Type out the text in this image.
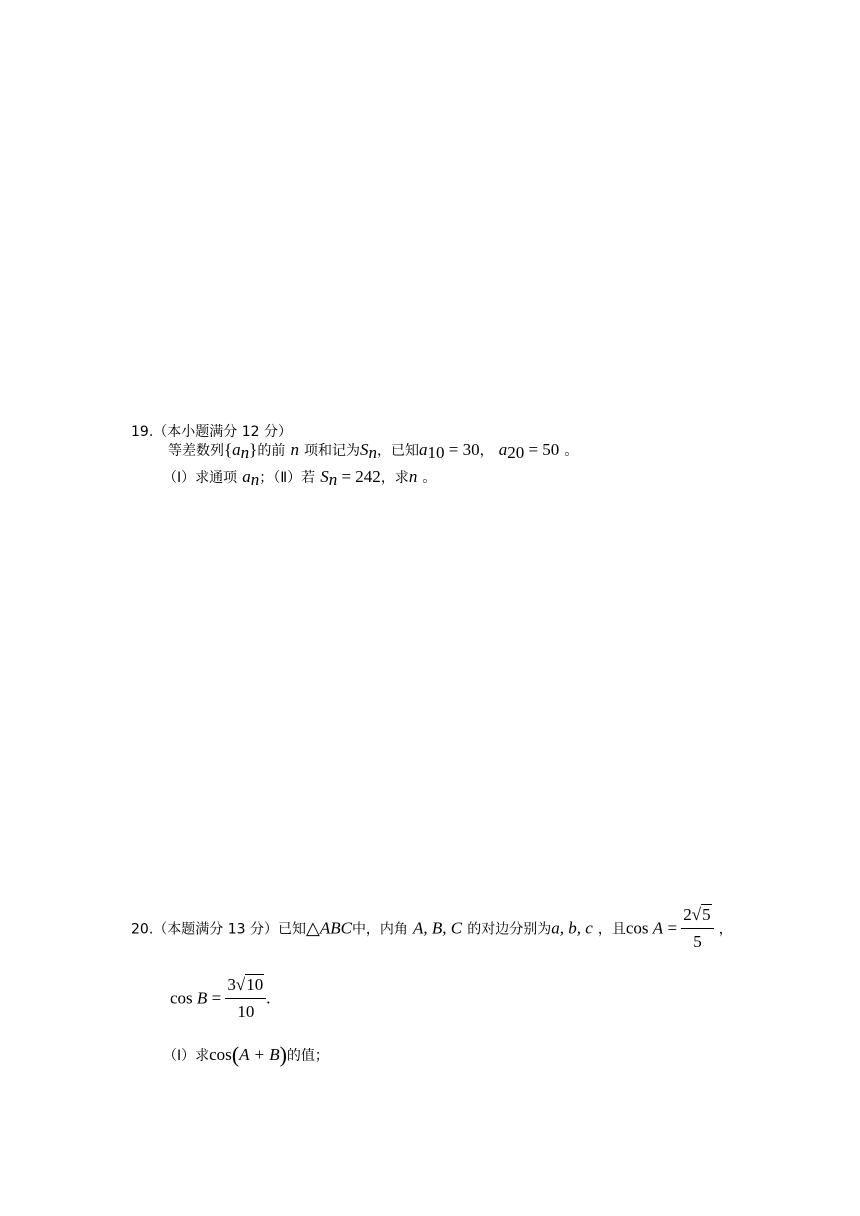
19.（本小题满分 12 分）
等差数列$\{a_n\}$的前 n 项和记为$S_n$，已知$a_{10} = 30$， $a_{20} = 50$ 。
（Ⅰ）求通项 $a_n$；（Ⅱ）若 $S_n = 242$，求n 。
20.（本题满分 13 分）已知△ABC中，内角 A, B, C 的对边分别为a, b, c ，且$\cos A = \frac{2√5}{5}$ ，
$\cos B = \frac{3√10}{10}$ .
（Ⅰ）求cos(A + B)的值；
